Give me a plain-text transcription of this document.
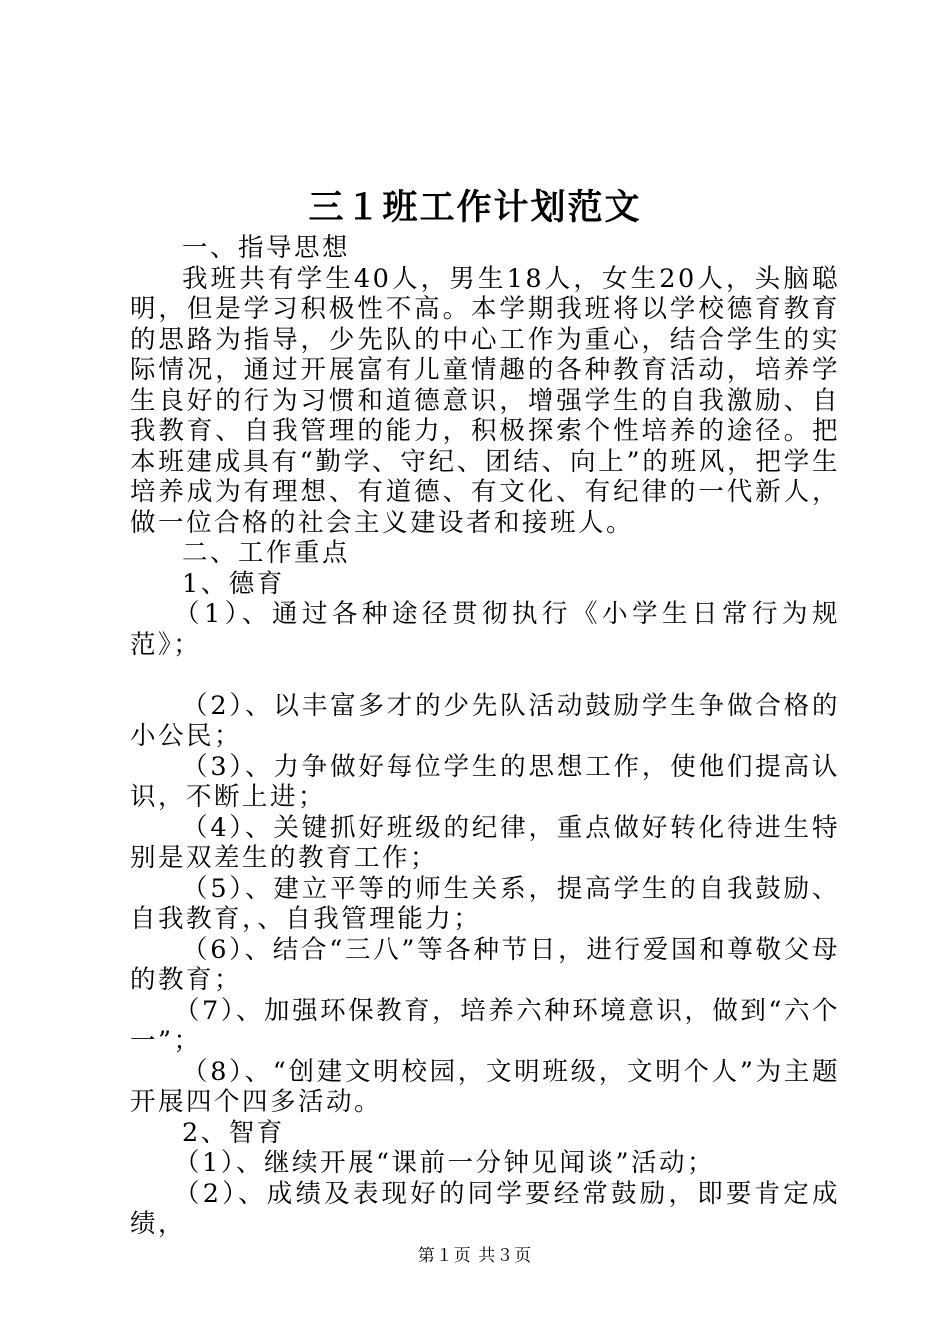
三１班工作计划范文

一、指导思想

我班共有学生40人，男生18人，女生20人，头脑聪明，但是学习积极性不高。本学期我班将以学校德育教育的思路为指导，少先队的中心工作为重心，结合学生的实际情况，通过开展富有儿童情趣的各种教育活动，培养学生良好的行为习惯和道德意识，增强学生的自我激励、自我教育、自我管理的能力，积极探索个性培养的途径。把本班建成具有“勤学、守纪、团结、向上”的班风，把学生培养成为有理想、有道德、有文化、有纪律的一代新人，做一位合格的社会主义建设者和接班人。

二、工作重点

1、德育

（1）、通过各种途径贯彻执行《小学生日常行为规范》；

（2）、以丰富多才的少先队活动鼓励学生争做合格的小公民；

（3）、力争做好每位学生的思想工作，使他们提高认识，不断上进；

（4）、关键抓好班级的纪律，重点做好转化待进生特别是双差生的教育工作；

（5）、建立平等的师生关系，提高学生的自我鼓励、自我教育，、自我管理能力；

（6）、结合“三八”等各种节日，进行爱国和尊敬父母的教育；

（7）、加强环保教育，培养六种环境意识，做到“六个一”；

（8）、“创建文明校园，文明班级，文明个人”为主题开展四个四多活动。

2、智育

（1）、继续开展“课前一分钟见闻谈”活动；

（2）、成绩及表现好的同学要经常鼓励，即要肯定成绩，

第１页 共３页
